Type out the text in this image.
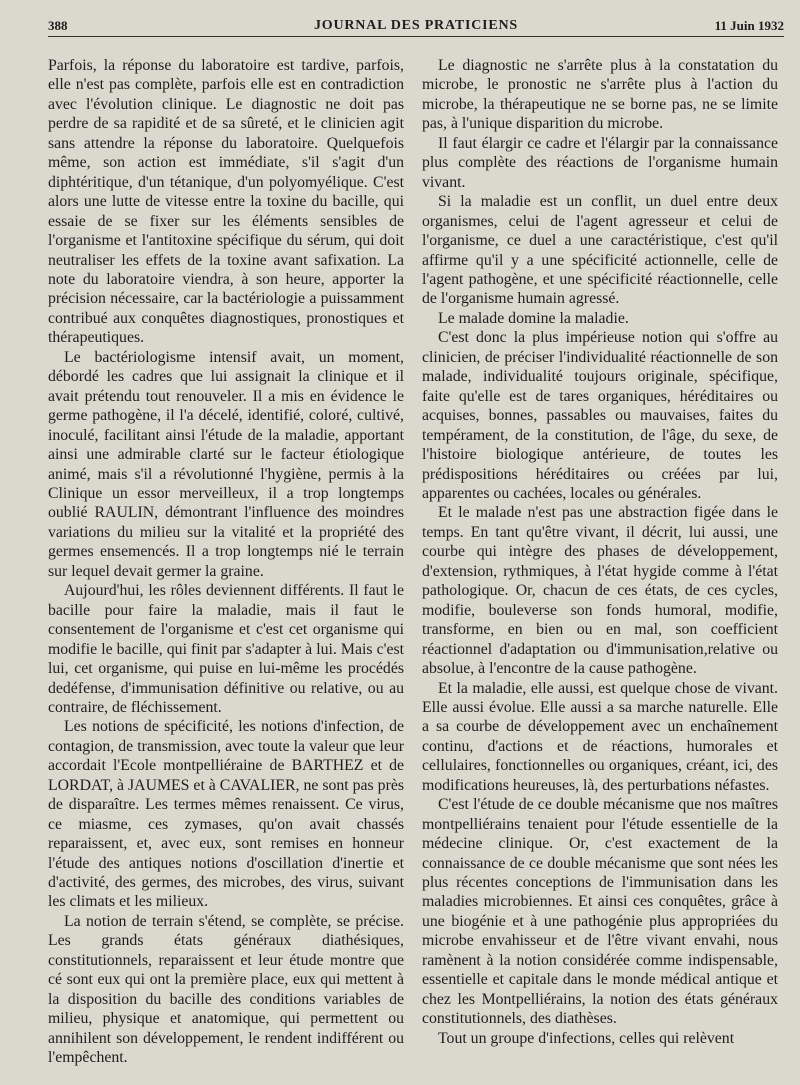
388	JOURNAL DES PRATICIENS	11 Juin 1932

Parfois, la réponse du laboratoire est tardive, parfois, elle n'est pas complète, parfois elle est en contradiction avec l'évolution clinique. Le diagnostic ne doit pas perdre de sa rapidité et de sa sûreté, et le clinicien agit sans attendre la réponse du laboratoire. Quelquefois même, son action est immédiate, s'il s'agit d'un diphtéritique, d'un tétanique, d'un polyomyélique. C'est alors une lutte de vitesse entre la toxine du bacille, qui essaie de se fixer sur les éléments sensibles de l'organisme et l'antitoxine spécifique du sérum, qui doit neutraliser les effets de la toxine avant safixation. La note du laboratoire viendra, à son heure, apporter la précision nécessaire, car la bactériologie a puissamment contribué aux conquêtes diagnostiques, pronostiques et thérapeutiques.

Le bactériologisme intensif avait, un moment, débordé les cadres que lui assignait la clinique et il avait prétendu tout renouveler. Il a mis en évidence le germe pathogène, il l'a décelé, identifié, coloré, cultivé, inoculé, facilitant ainsi l'étude de la maladie, apportant ainsi une admirable clarté sur le facteur étiologique animé, mais s'il a révolutionné l'hygiène, permis à la Clinique un essor merveilleux, il a trop longtemps oublié RAULIN, démontrant l'influence des moindres variations du milieu sur la vitalité et la propriété des germes ensemencés. Il a trop longtemps nié le terrain sur lequel devait germer la graine.

Aujourd'hui, les rôles deviennent différents. Il faut le bacille pour faire la maladie, mais il faut le consentement de l'organisme et c'est cet organisme qui modifie le bacille, qui finit par s'adapter à lui. Mais c'est lui, cet organisme, qui puise en lui-même les procédés dedéfense, d'immunisation définitive ou relative, ou au contraire, de fléchissement.

Les notions de spécificité, les notions d'infection, de contagion, de transmission, avec toute la valeur que leur accordait l'Ecole montpelliéraine de BARTHEZ et de LORDAT, à JAUMES et à CAVALIER, ne sont pas près de disparaître. Les termes mêmes renaissent. Ce virus, ce miasme, ces zymases, qu'on avait chassés reparaissent, et, avec eux, sont remises en honneur l'étude des antiques notions d'oscillation d'inertie et d'activité, des germes, des microbes, des virus, suivant les climats et les milieux.

La notion de terrain s'étend, se complète, se précise. Les grands états généraux diathésiques, constitutionnels, reparaissent et leur étude montre que cé sont eux qui ont la première place, eux qui mettent à la disposition du bacille des conditions variables de milieu, physique et anatomique, qui permettent ou annihilent son développement, le rendent indifférent ou l'empêchent.

Le diagnostic ne s'arrête plus à la constatation du microbe, le pronostic ne s'arrête plus à l'action du microbe, la thérapeutique ne se borne pas, ne se limite pas, à l'unique disparition du microbe.

Il faut élargir ce cadre et l'élargir par la connaissance plus complète des réactions de l'organisme humain vivant.

Si la maladie est un conflit, un duel entre deux organismes, celui de l'agent agresseur et celui de l'organisme, ce duel a une caractéristique, c'est qu'il affirme qu'il y a une spécificité actionnelle, celle de l'agent pathogène, et une spécificité réactionnelle, celle de l'organisme humain agressé.

Le malade domine la maladie.

C'est donc la plus impérieuse notion qui s'offre au clinicien, de préciser l'individualité réactionnelle de son malade, individualité toujours originale, spécifique, faite qu'elle est de tares organiques, héréditaires ou acquises, bonnes, passables ou mauvaises, faites du tempérament, de la constitution, de l'âge, du sexe, de l'histoire biologique antérieure, de toutes les prédispositions héréditaires ou créées par lui, apparentes ou cachées, locales ou générales.

Et le malade n'est pas une abstraction figée dans le temps. En tant qu'être vivant, il décrit, lui aussi, une courbe qui intègre des phases de développement, d'extension, rythmiques, à l'état hygide comme à l'état pathologique. Or, chacun de ces états, de ces cycles, modifie, bouleverse son fonds humoral, modifie, transforme, en bien ou en mal, son coefficient réactionnel d'adaptation ou d'immunisation,relative ou absolue, à l'encontre de la cause pathogène.

Et la maladie, elle aussi, est quelque chose de vivant. Elle aussi évolue. Elle aussi a sa marche naturelle. Elle a sa courbe de développement avec un enchaînement continu, d'actions et de réactions, humorales et cellulaires, fonctionnelles ou organiques, créant, ici, des modifications heureuses, là, des perturbations néfastes.

C'est l'étude de ce double mécanisme que nos maîtres montpelliérains tenaient pour l'étude essentielle de la médecine clinique. Or, c'est exactement de la connaissance de ce double mécanisme que sont nées les plus récentes conceptions de l'immunisation dans les maladies microbiennes. Et ainsi ces conquêtes, grâce à une biogénie et à une pathogénie plus appropriées du microbe envahisseur et de l'être vivant envahi, nous ramènent à la notion considérée comme indispensable, essentielle et capitale dans le monde médical antique et chez les Montpelliérains, la notion des états généraux constitutionnels, des diathèses.

Tout un groupe d'infections, celles qui relèvent
